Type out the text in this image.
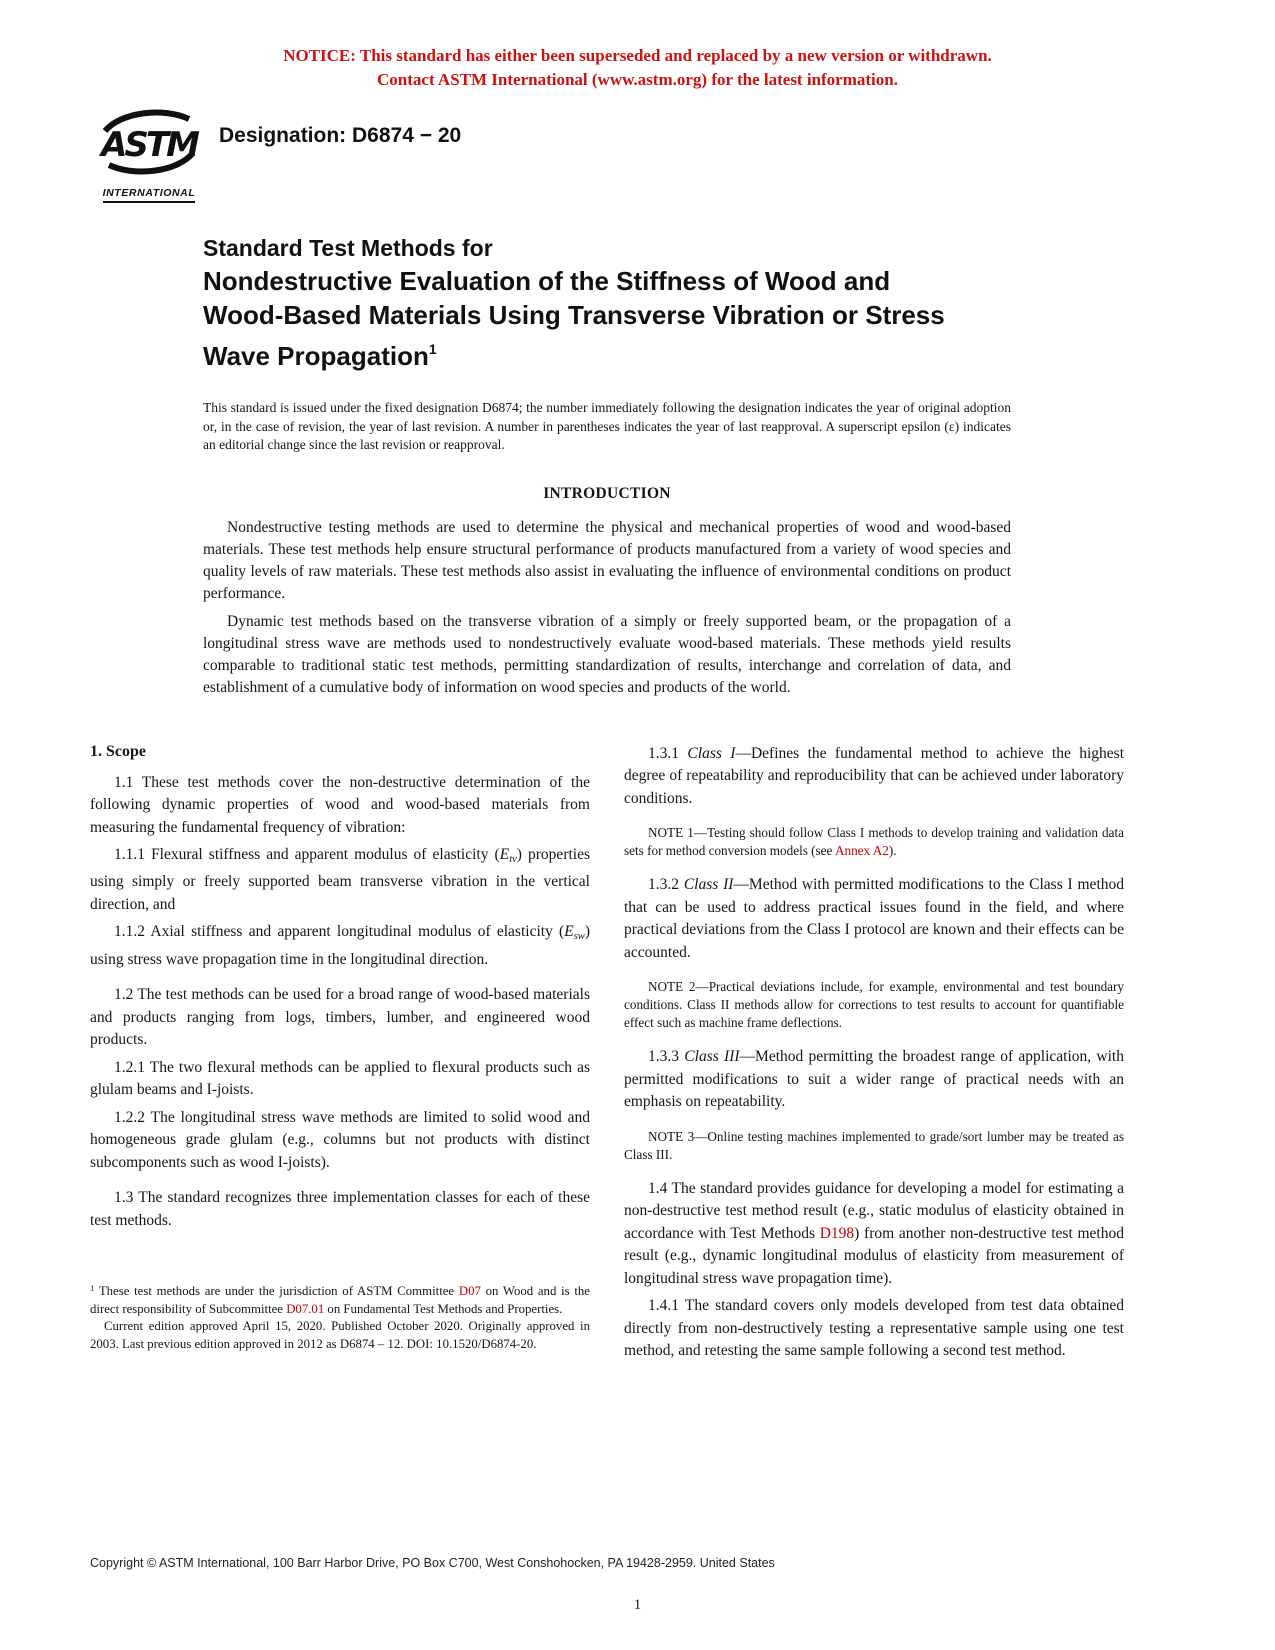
NOTICE: This standard has either been superseded and replaced by a new version or withdrawn.
Contact ASTM International (www.astm.org) for the latest information.
ASTM
INTERNATIONAL
Designation: D6874 − 20
Standard Test Methods for
Nondestructive Evaluation of the Stiffness of Wood and
Wood-Based Materials Using Transverse Vibration or Stress
Wave Propagation$^1$
This standard is issued under the fixed designation D6874; the number immediately following the designation indicates the year of original adoption or, in the case of revision, the year of last revision. A number in parentheses indicates the year of last reapproval. A superscript epsilon (ε) indicates an editorial change since the last revision or reapproval.
INTRODUCTION

Nondestructive testing methods are used to determine the physical and mechanical properties of wood and wood-based materials. These test methods help ensure structural performance of products manufactured from a variety of wood species and quality levels of raw materials. These test methods also assist in evaluating the influence of environmental conditions on product performance.

Dynamic test methods based on the transverse vibration of a simply or freely supported beam, or the propagation of a longitudinal stress wave are methods used to nondestructively evaluate wood-based materials. These methods yield results comparable to traditional static test methods, permitting standardization of results, interchange and correlation of data, and establishment of a cumulative body of information on wood species and products of the world.

1. Scope

1.1 These test methods cover the non-destructive determination of the following dynamic properties of wood and wood-based materials from measuring the fundamental frequency of vibration:

1.1.1 Flexural stiffness and apparent modulus of elasticity $(E_{tv})$ properties using simply or freely supported beam transverse vibration in the vertical direction, and

1.1.2 Axial stiffness and apparent longitudinal modulus of elasticity $(E_{sw})$ using stress wave propagation time in the longitudinal direction.

1.2 The test methods can be used for a broad range of wood-based materials and products ranging from logs, timbers, lumber, and engineered wood products.

1.2.1 The two flexural methods can be applied to flexural products such as glulam beams and I-joists.

1.2.2 The longitudinal stress wave methods are limited to solid wood and homogeneous grade glulam (e.g., columns but not products with distinct subcomponents such as wood I-joists).

1.3 The standard recognizes three implementation classes for each of these test methods.

$^1$ These test methods are under the jurisdiction of ASTM Committee D07 on Wood and is the direct responsibility of Subcommittee D07.01 on Fundamental Test Methods and Properties.

Current edition approved April 15, 2020. Published October 2020. Originally approved in 2003. Last previous edition approved in 2012 as D6874 – 12. DOI: 10.1520/D6874-20.

1.3.1 Class I—Defines the fundamental method to achieve the highest degree of repeatability and reproducibility that can be achieved under laboratory conditions.

NOTE 1—Testing should follow Class I methods to develop training and validation data sets for method conversion models (see Annex A2).

1.3.2 Class II—Method with permitted modifications to the Class I method that can be used to address practical issues found in the field, and where practical deviations from the Class I protocol are known and their effects can be accounted.

NOTE 2—Practical deviations include, for example, environmental and test boundary conditions. Class II methods allow for corrections to test results to account for quantifiable effect such as machine frame deflections.

1.3.3 Class III—Method permitting the broadest range of application, with permitted modifications to suit a wider range of practical needs with an emphasis on repeatability.

NOTE 3—Online testing machines implemented to grade/sort lumber may be treated as Class III.

1.4 The standard provides guidance for developing a model for estimating a non-destructive test method result (e.g., static modulus of elasticity obtained in accordance with Test Methods D198) from another non-destructive test method result (e.g., dynamic longitudinal modulus of elasticity from measurement of longitudinal stress wave propagation time).

1.4.1 The standard covers only models developed from test data obtained directly from non-destructively testing a representative sample using one test method, and retesting the same sample following a second test method.

Copyright © ASTM International, 100 Barr Harbor Drive, PO Box C700, West Conshohocken, PA 19428-2959. United States
1
